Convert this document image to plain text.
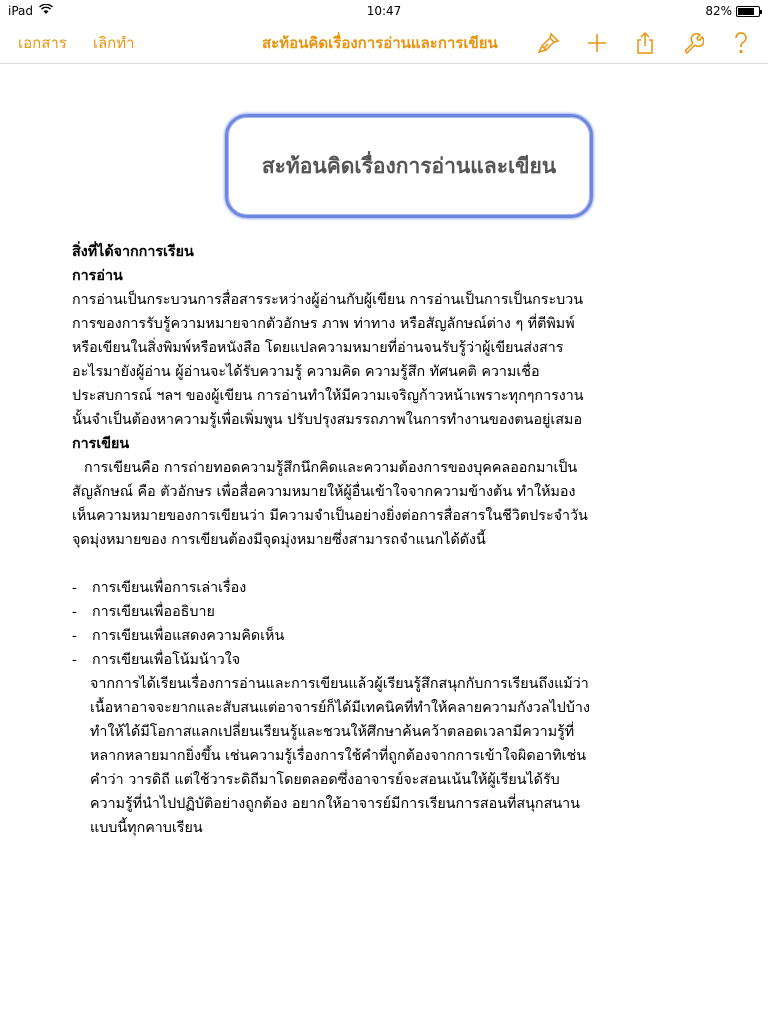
iPad	10:47	82%
เอกสาร เลิกทำ	สะท้อนคิดเรื่องการอ่านและการเขียน
สะท้อนคิดเรื่องการอ่านและเขียน
สิ่งที่ได้จากการเรียน
การอ่าน
การอ่านเป็นกระบวนการสื่อสารระหว่างผู้อ่านกับผู้เขียน การอ่านเป็นการเป็นกระบวน
การของการรับรู้ความหมายจากตัวอักษร ภาพ ท่าทาง หรือสัญลักษณ์ต่าง ๆ ที่ตีพิมพ์
หรือเขียนในสิ่งพิมพ์หรือหนังสือ โดยแปลความหมายที่อ่านจนรับรู้ว่าผู้เขียนส่งสาร
อะไรมายังผู้อ่าน ผู้อ่านจะได้รับความรู้ ความคิด ความรู้สึก ทัศนคติ ความเชื่อ
ประสบการณ์ ฯลฯ ของผู้เขียน การอ่านทำให้มีความเจริญก้าวหน้าเพราะทุกๆการงาน
นั้นจำเป็นต้องหาความรู้เพื่อเพิ่มพูน ปรับปรุงสมรรถภาพในการทำงานของตนอยู่เสมอ
การเขียน
การเขียนคือ การถ่ายทอดความรู้สึกนึกคิดและความต้องการของบุคคลออกมาเป็น
สัญลักษณ์ คือ ตัวอักษร เพื่อสื่อความหมายให้ผู้อื่นเข้าใจจากความข้างต้น ทำให้มอง
เห็นความหมายของการเขียนว่า มีความจำเป็นอย่างยิ่งต่อการสื่อสารในชีวิตประจำวัน
จุดมุ่งหมายของ การเขียนต้องมีจุดมุ่งหมายซึ่งสามารถจำแนกได้ดังนี้
-	การเขียนเพื่อการเล่าเรื่อง
-	การเขียนเพื่ออธิบาย
-	การเขียนเพื่อแสดงความคิดเห็น
-	การเขียนเพื่อโน้มน้าวใจ
จากการได้เรียนเรื่องการอ่านและการเขียนแล้วผู้เรียนรู้สึกสนุกกับการเรียนถึงแม้ว่า
เนื้อหาอาจจะยากและสับสนแต่อาจารย์ก็ได้มีเทคนิคที่ทำให้คลายความกังวลไปบ้าง
ทำให้ได้มีโอกาสแลกเปลี่ยนเรียนรู้และชวนให้ศึกษาค้นคว้าตลอดเวลามีความรู้ที่
หลากหลายมากยิ่งขึ้น เช่นความรู้เรื่องการใช้คำที่ถูกต้องจากการเข้าใจผิดอาทิเช่น
คำว่า วารดิถี แต่ใช้วาระดิถีมาโดยตลอดซึ่งอาจารย์จะสอนเน้นให้ผู้เรียนได้รับ
ความรู้ที่นำไปปฏิบัติอย่างถูกต้อง อยากให้อาจารย์มีการเรียนการสอนที่สนุกสนาน
แบบนี้ทุกคาบเรียน
